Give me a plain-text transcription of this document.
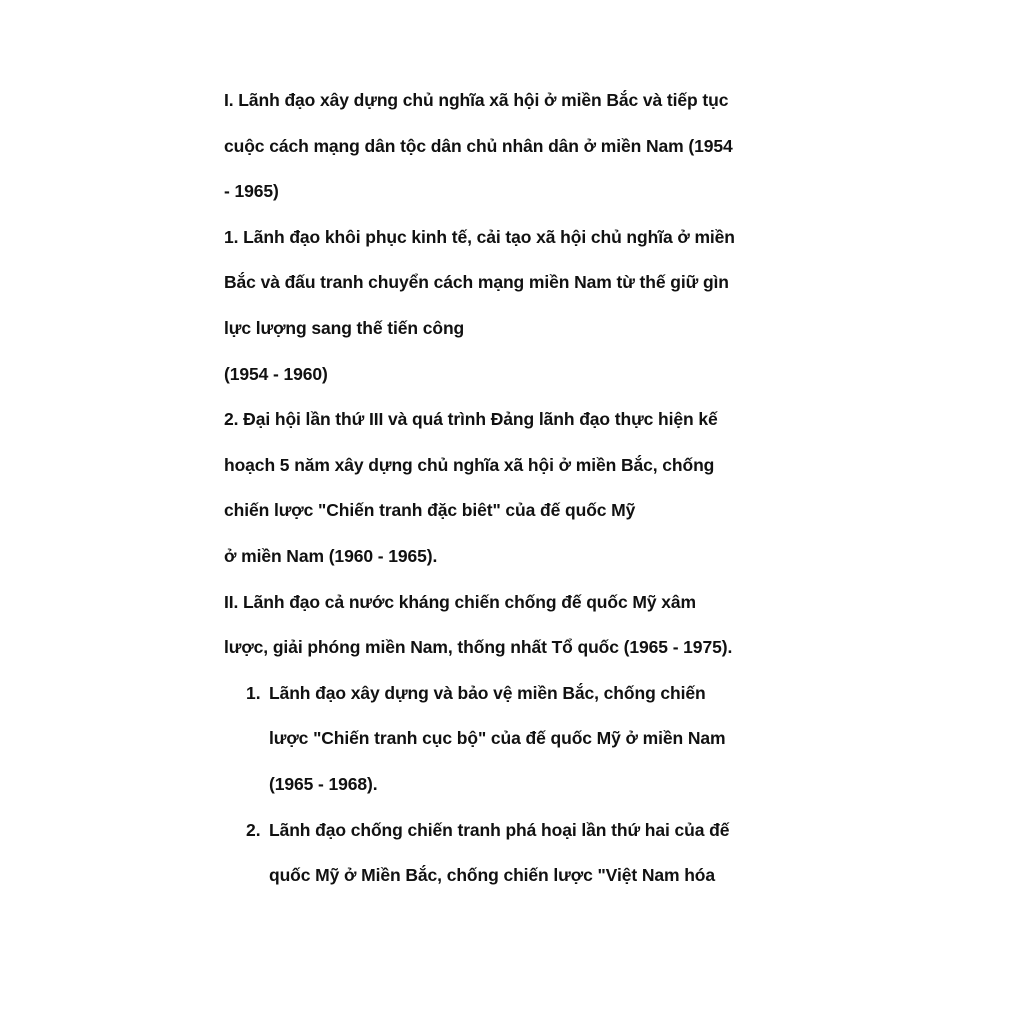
I. Lãnh đạo xây dựng chủ nghĩa xã hội ở miền Bắc và tiếp tục
cuộc cách mạng dân tộc dân chủ nhân dân ở miền Nam (1954
- 1965)
1. Lãnh đạo khôi phục kinh tế, cải tạo xã hội chủ nghĩa ở miền
Bắc và đấu tranh chuyển cách mạng miền Nam từ thế giữ gìn
lực lượng sang thế tiến công
(1954 - 1960)
2. Đại hội lần thứ III và quá trình Đảng lãnh đạo thực hiện kế
hoạch 5 năm xây dựng chủ nghĩa xã hội ở miền Bắc, chống
chiến lược "Chiến tranh đặc biêt" của đế quốc Mỹ
ở miền Nam (1960 - 1965).
II. Lãnh đạo cả nước kháng chiến chống đế quốc Mỹ xâm
lược, giải phóng miền Nam, thống nhất Tổ quốc (1965 - 1975).
1. Lãnh đạo xây dựng và bảo vệ miền Bắc, chống chiến
lược "Chiến tranh cục bộ" của đế quốc Mỹ ở miền Nam
(1965 - 1968).
2. Lãnh đạo chống chiến tranh phá hoại lần thứ hai của đế
quốc Mỹ ở Miền Bắc, chống chiến lược "Việt Nam hóa
